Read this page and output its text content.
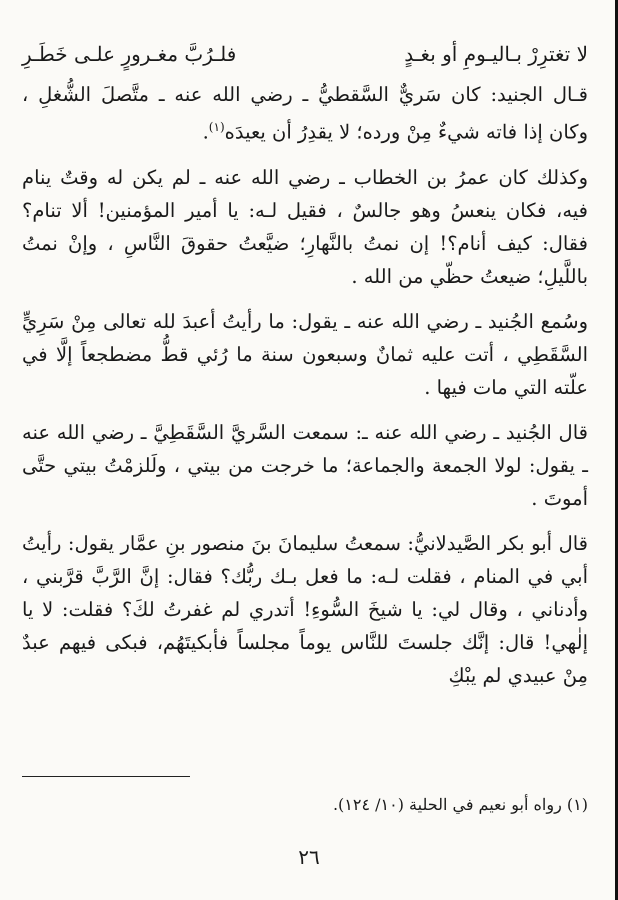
لا تغترِرْ بـاليـومِ أو بغـدٍ
فلـرُبَّ مغـرورٍ علـى خَطَـرِ

قـال الجنيد: كان سَريٌّ السَّقطيُّ ـ رضي الله عنه ـ متَّصلَ الشُّغلِ ، وكان إذا فاته شيءٌ مِنْ ورده؛ لا يقدِرُ أن يعيدَه$^{(١)}$.

وكذلك كان عمرُ بن الخطاب ـ رضي الله عنه ـ لم يكن له وقتٌ ينام فيه، فكان ينعسُ وهو جالسٌ ، فقيل لـه: يا أمير المؤمنين! ألا تنام؟ فقال: كيف أنام؟! إن نمتُ بالنَّهارِ؛ ضيَّعتُ حقوقَ النَّاسِ ، وإنْ نمتُ باللَّيلِ؛ ضيعتُ حظّي من الله .

وسُمع الجُنيد ـ رضي الله عنه ـ يقول: ما رأيتُ أعبدَ لله تعالى مِنْ سَرِيٍّ السَّقَطِي ، أتت عليه ثمانٌ وسبعون سنة ما رُئي قطُّ مضطجعاً إلَّا في علّته التي مات فيها .

قال الجُنيد ـ رضي الله عنه ـ: سمعت السَّريَّ السَّقَطِيَّ ـ رضي الله عنه ـ يقول: لولا الجمعة والجماعة؛ ما خرجت من بيتي ، ولَلزمْتُ بيتي حتَّى أموتَ .

قال أبو بكر الصَّيدلانيُّ: سمعتُ سليمانَ بنَ منصور بنِ عمَّار يقول: رأيتُ أبي في المنام ، فقلت لـه: ما فعل بـك ربُّك؟ فقال: إنَّ الرَّبَّ قرَّبني ، وأدناني ، وقال لي: يا شيخَ السُّوءِ! أتدري لم غفرتُ لكَ؟ فقلت: لا يا إلٰهي! قال: إنَّك جلستَ للنَّاس يوماً مجلساً فأبكيتَهُم، فبكى فيهم عبدٌ مِنْ عبيدي لم يبْكِ

(١) رواه أبو نعيم في الحلية (١٠/ ١٢٤).
٢٦
